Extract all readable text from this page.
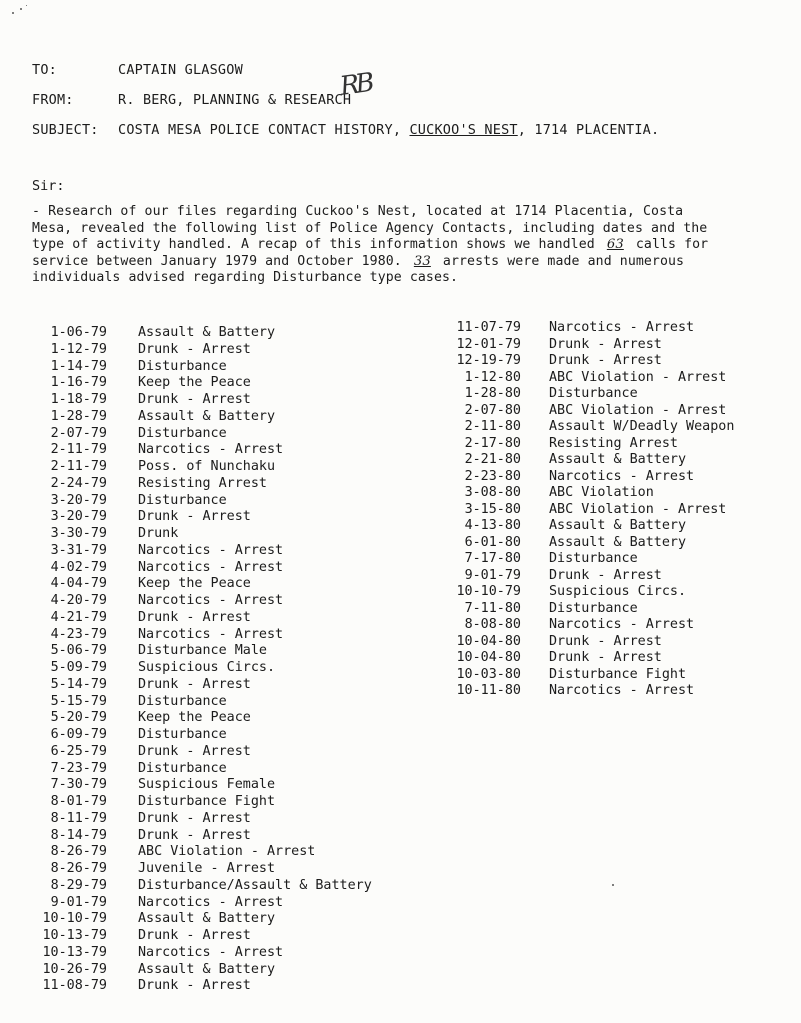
TO:	CAPTAIN GLASGOW
FROM:	R. BERG, PLANNING & RESEARCH
RB
SUBJECT: COSTA MESA POLICE CONTACT HISTORY, CUCKOO'S NEST, 1714 PLACENTIA.
Sir:
- Research of our files regarding Cuckoo's Nest, located at 1714 Placentia, Costa Mesa, revealed the following list of Police Agency Contacts, including dates and the type of activity handled. A recap of this information shows we handled 63 calls for service between January 1979 and October 1980. 33 arrests were made and numerous individuals advised regarding Disturbance type cases.
1-06-79 Assault & Battery
1-12-79 Drunk - Arrest
1-14-79 Disturbance
1-16-79 Keep the Peace
1-18-79 Drunk - Arrest
1-28-79 Assault & Battery
2-07-79 Disturbance
2-11-79 Narcotics - Arrest
2-11-79 Poss. of Nunchaku
2-24-79 Resisting Arrest
3-20-79 Disturbance
3-20-79 Drunk - Arrest
3-30-79 Drunk
3-31-79 Narcotics - Arrest
4-02-79 Narcotics - Arrest
4-04-79 Keep the Peace
4-20-79 Narcotics - Arrest
4-21-79 Drunk - Arrest
4-23-79 Narcotics - Arrest
5-06-79 Disturbance Male
5-09-79 Suspicious Circs.
5-14-79 Drunk - Arrest
5-15-79 Disturbance
5-20-79 Keep the Peace
6-09-79 Disturbance
6-25-79 Drunk - Arrest
7-23-79 Disturbance
7-30-79 Suspicious Female
8-01-79 Disturbance Fight
8-11-79 Drunk - Arrest
8-14-79 Drunk - Arrest
8-26-79 ABC Violation - Arrest
8-26-79 Juvenile - Arrest
8-29-79 Disturbance/Assault & Battery
9-01-79 Narcotics - Arrest
10-10-79 Assault & Battery
10-13-79 Drunk - Arrest
10-13-79 Narcotics - Arrest
10-26-79 Assault & Battery
11-08-79 Drunk - Arrest
11-07-79 Narcotics - Arrest
12-01-79 Drunk - Arrest
12-19-79 Drunk - Arrest
1-12-80 ABC Violation - Arrest
1-28-80 Disturbance
2-07-80 ABC Violation - Arrest
2-11-80 Assault W/Deadly Weapon
2-17-80 Resisting Arrest
2-21-80 Assault & Battery
2-23-80 Narcotics - Arrest
3-08-80 ABC Violation
3-15-80 ABC Violation - Arrest
4-13-80 Assault & Battery
6-01-80 Assault & Battery
7-17-80 Disturbance
9-01-79 Drunk - Arrest
10-10-79 Suspicious Circs.
7-11-80 Disturbance
8-08-80 Narcotics - Arrest
10-04-80 Drunk - Arrest
10-04-80 Drunk - Arrest
10-03-80 Disturbance Fight
10-11-80 Narcotics - Arrest
